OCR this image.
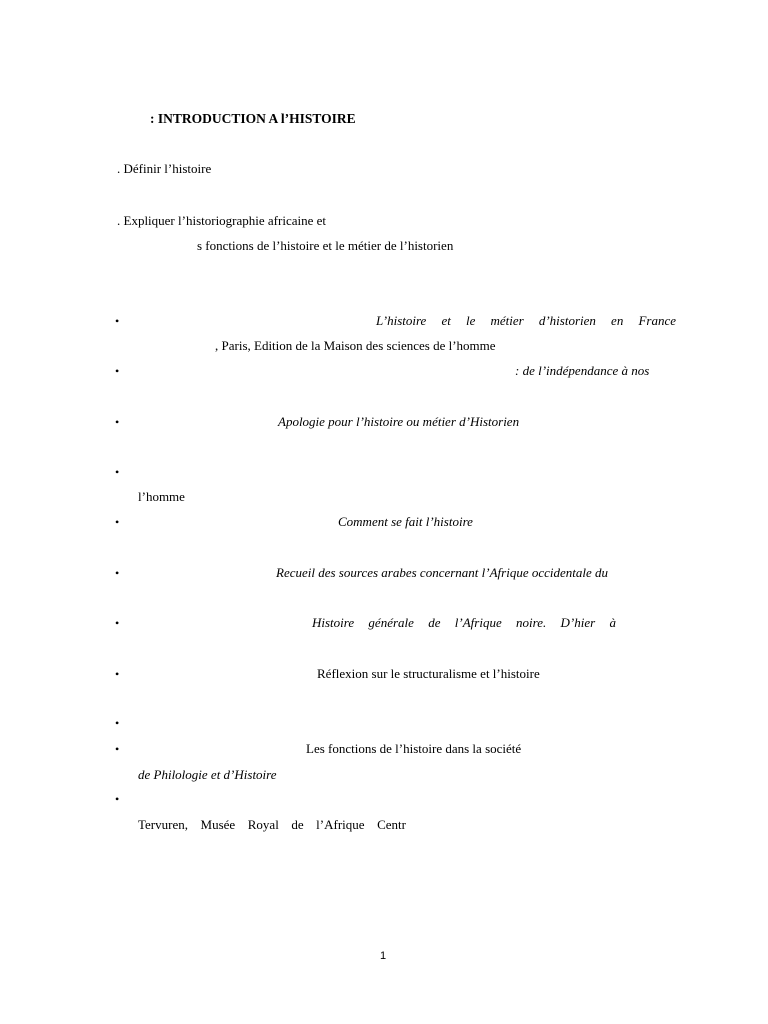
: INTRODUCTION A l’HISTOIRE
. Définir l’histoire
. Expliquer l’historiographie africaine et
s fonctions de l’histoire et le métier de l’historien
•	L’histoire et le métier d’historien en France
, Paris, Edition de la Maison des sciences de l’homme
•	: de l’indépendance à nos
•	Apologie pour l’histoire ou métier d’Historien
•
l’homme
•	Comment se fait l’histoire
•	Recueil des sources arabes concernant l’Afrique occidentale du
•	Histoire générale de l’Afrique noire. D’hier à
•	Réflexion sur le structuralisme et l’histoire
•
•	Les fonctions de l’histoire dans la société
de Philologie et d’Histoire
•
Tervuren, Musée Royal de l’Afrique Centr
1
